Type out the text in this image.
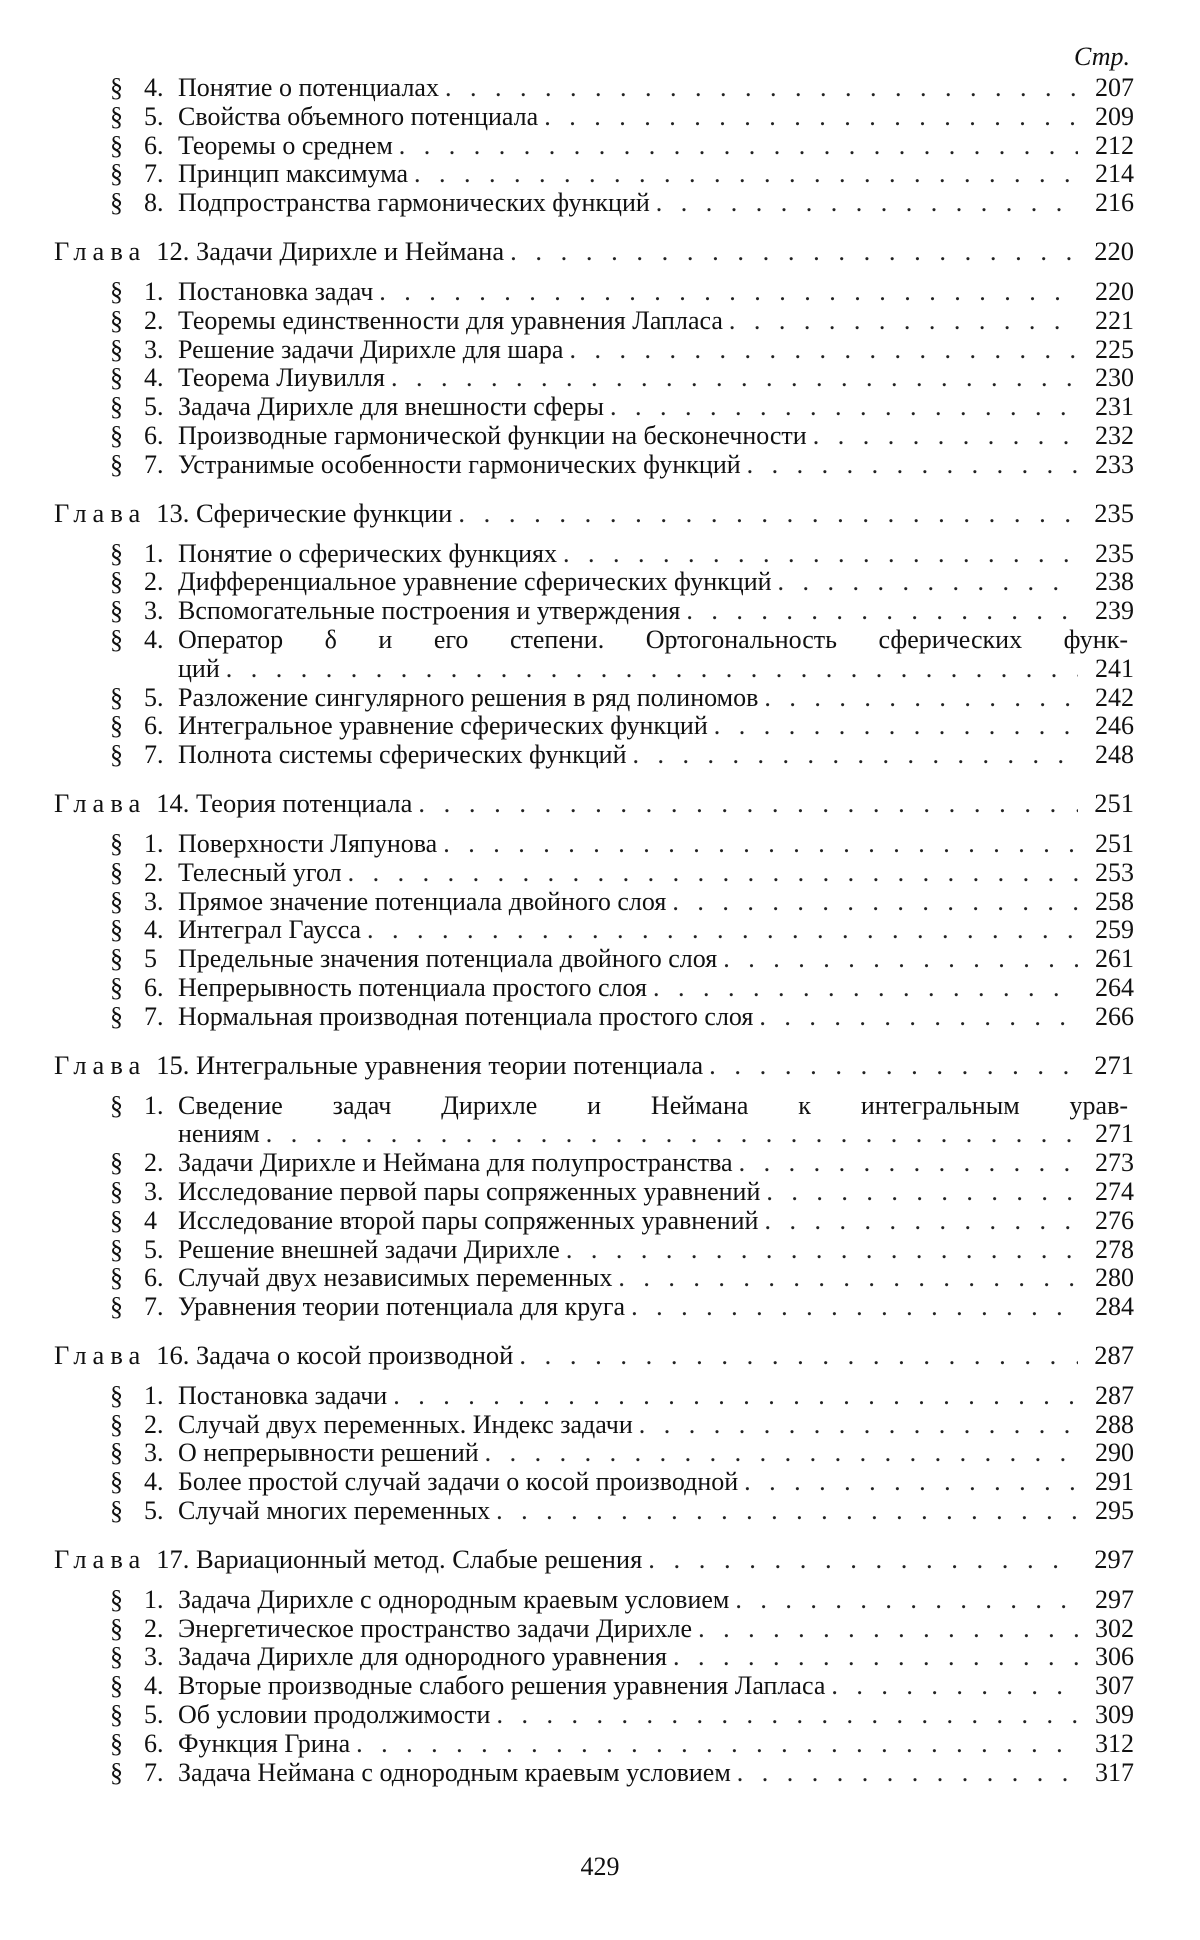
Стр.
§ 4. Понятие о потенциалах . . .	207
§ 5. Свойства объемного потенциала . . .	209
§ 6. Теоремы о среднем . . .	212
§ 7. Принцип максимума . . .	214
§ 8. Подпространства гармонических функций . . .	216
Глава 12. Задачи Дирихле и Неймана . . .	220
§ 1. Постановка задач . . .	220
§ 2. Теоремы единственности для уравнения Лапласа . . .	221
§ 3. Решение задачи Дирихле для шара . . .	225
§ 4. Теорема Лиувилля . . .	230
§ 5. Задача Дирихле для внешности сферы . . .	231
§ 6. Производные гармонической функции на бесконечности . . .	232
§ 7. Устранимые особенности гармонических функций . . .	233
Глава 13. Сферические функции . . .	235
§ 1. Понятие о сферических функциях . . .	235
§ 2. Дифференциальное уравнение сферических функций . . .	238
§ 3. Вспомогательные построения и утверждения . . .	239
§ 4. Оператор δ и его степени. Ортогональность сферических функ-
ций . . .	241
§ 5. Разложение сингулярного решения в ряд полиномов . . .	242
§ 6. Интегральное уравнение сферических функций . . .	246
§ 7. Полнота системы сферических функций . . .	248
Глава 14. Теория потенциала . . .	251
§ 1. Поверхности Ляпунова . . .	251
§ 2. Телесный угол . . .	253
§ 3. Прямое значение потенциала двойного слоя . . .	258
§ 4. Интеграл Гаусса . . .	259
§ 5 Предельные значения потенциала двойного слоя . . .	261
§ 6. Непрерывность потенциала простого слоя . . .	264
§ 7. Нормальная производная потенциала простого слоя . . .	266
Глава 15. Интегральные уравнения теории потенциала . . .	271
§ 1. Сведение задач Дирихле и Неймана к интегральным урав-
нениям . . .	271
§ 2. Задачи Дирихле и Неймана для полупространства . . .	273
§ 3. Исследование первой пары сопряженных уравнений . . .	274
§ 4 Исследование второй пары сопряженных уравнений . . .	276
§ 5. Решение внешней задачи Дирихле . . .	278
§ 6. Случай двух независимых переменных . . .	280
§ 7. Уравнения теории потенциала для круга . . .	284
Глава 16. Задача о косой производной . . .	287
§ 1. Постановка задачи . . .	287
§ 2. Случай двух переменных. Индекс задачи . . .	288
§ 3. О непрерывности решений . . .	290
§ 4. Более простой случай задачи о косой производной . . .	291
§ 5. Случай многих переменных . . .	295
Глава 17. Вариационный метод. Слабые решения . . .	297
§ 1. Задача Дирихле с однородным краевым условием . . .	297
§ 2. Энергетическое пространство задачи Дирихле . . .	302
§ 3. Задача Дирихле для однородного уравнения . . .	306
§ 4. Вторые производные слабого решения уравнения Лапласа . . .	307
§ 5. Об условии продолжимости . . .	309
§ 6. Функция Грина . . .	312
§ 7. Задача Неймана с однородным краевым условием . . .	317
429
